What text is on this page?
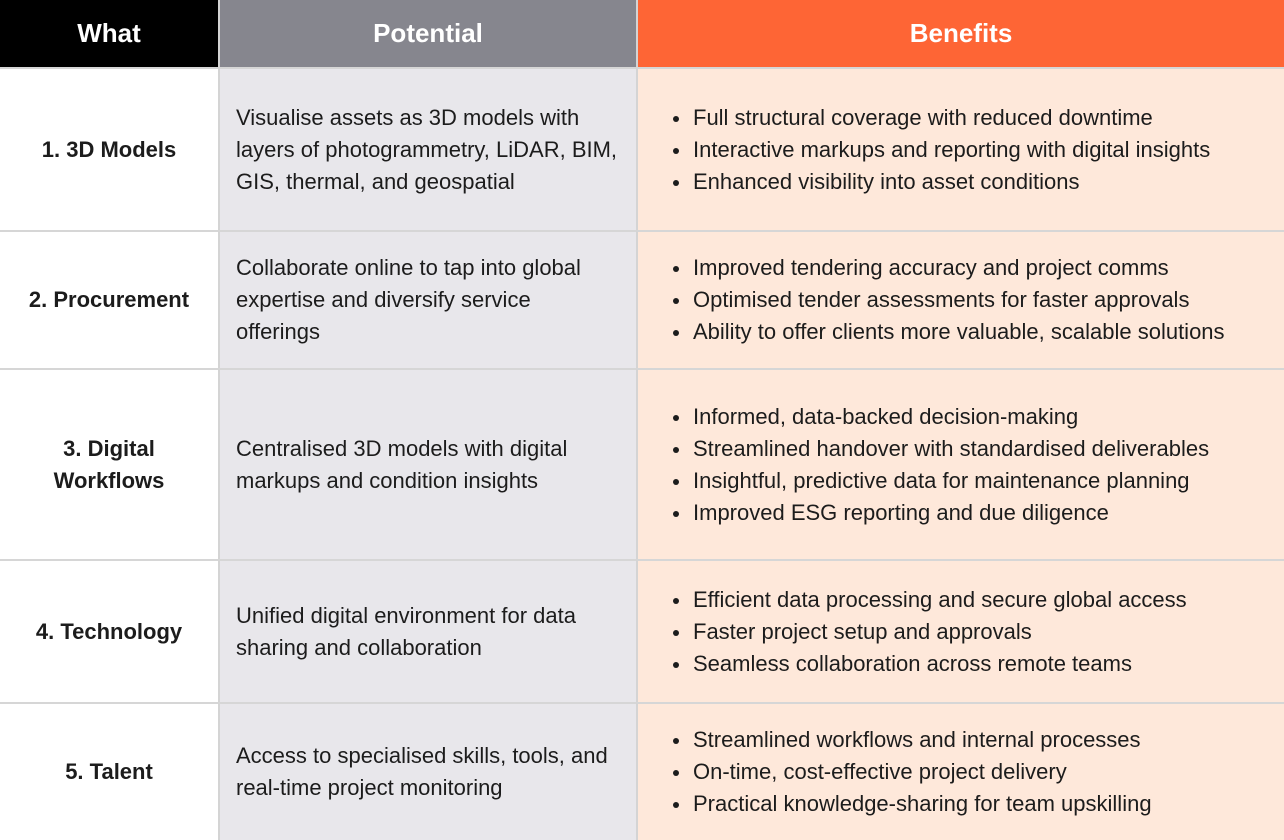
What	Potential	Benefits
1. 3D Models
Visualise assets as 3D models with layers of photogrammetry, LiDAR, BIM, GIS, thermal, and geospatial
Full structural coverage with reduced downtime
Interactive markups and reporting with digital insights
Enhanced visibility into asset conditions
2. Procurement
Collaborate online to tap into global expertise and diversify service offerings
Improved tendering accuracy and project comms
Optimised tender assessments for faster approvals
Ability to offer clients more valuable, scalable solutions
3. Digital Workflows
Centralised 3D models with digital markups and condition insights
Informed, data-backed decision-making
Streamlined handover with standardised deliverables
Insightful, predictive data for maintenance planning
Improved ESG reporting and due diligence
4. Technology
Unified digital environment for data sharing and collaboration
Efficient data processing and secure global access
Faster project setup and approvals
Seamless collaboration across remote teams
5. Talent
Access to specialised skills, tools, and real-time project monitoring
Streamlined workflows and internal processes
On-time, cost-effective project delivery
Practical knowledge-sharing for team upskilling
